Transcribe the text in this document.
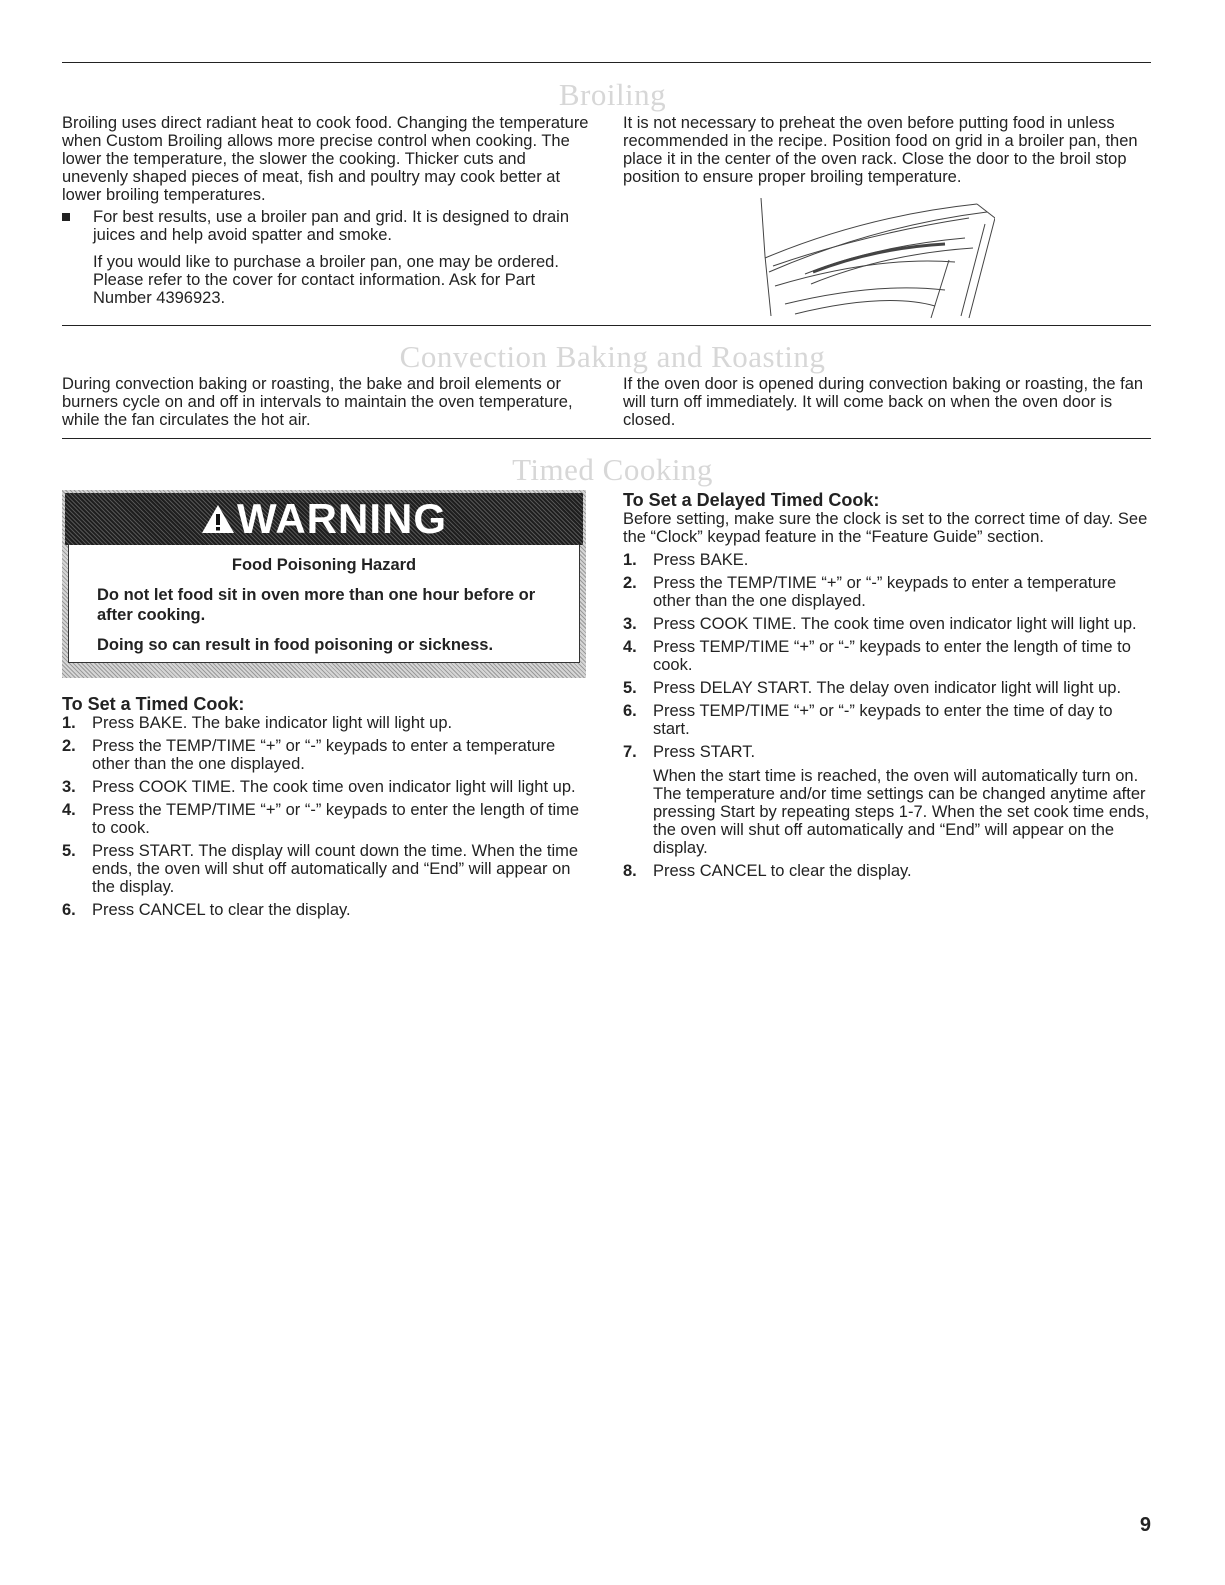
Broiling

Broiling uses direct radiant heat to cook food. Changing the temperature when Custom Broiling allows more precise control when cooking. The lower the temperature, the slower the cooking. Thicker cuts and unevenly shaped pieces of meat, fish and poultry may cook better at lower broiling temperatures.

For best results, use a broiler pan and grid. It is designed to drain juices and help avoid spatter and smoke.

If you would like to purchase a broiler pan, one may be ordered. Please refer to the cover for contact information. Ask for Part Number 4396923.

It is not necessary to preheat the oven before putting food in unless recommended in the recipe. Position food on grid in a broiler pan, then place it in the center of the oven rack. Close the door to the broil stop position to ensure proper broiling temperature.

Convection Baking and Roasting

During convection baking or roasting, the bake and broil elements or burners cycle on and off in intervals to maintain the oven temperature, while the fan circulates the hot air.

If the oven door is opened during convection baking or roasting, the fan will turn off immediately. It will come back on when the oven door is closed.

Timed Cooking
WARNING
Food Poisoning Hazard

Do not let food sit in oven more than one hour before or after cooking.

Doing so can result in food poisoning or sickness.

To Set a Timed Cook:

1. Press BAKE. The bake indicator light will light up.
2. Press the TEMP/TIME “+” or “-” keypads to enter a temperature other than the one displayed.
3. Press COOK TIME. The cook time oven indicator light will light up.
4. Press the TEMP/TIME “+” or “-” keypads to enter the length of time to cook.
5. Press START. The display will count down the time. When the time ends, the oven will shut off automatically and “End” will appear on the display.
6. Press CANCEL to clear the display.

To Set a Delayed Timed Cook:

Before setting, make sure the clock is set to the correct time of day. See the “Clock” keypad feature in the “Feature Guide” section.

1. Press BAKE.
2. Press the TEMP/TIME “+” or “-” keypads to enter a temperature other than the one displayed.
3. Press COOK TIME. The cook time oven indicator light will light up.
4. Press TEMP/TIME “+” or “-” keypads to enter the length of time to cook.
5. Press DELAY START. The delay oven indicator light will light up.
6. Press TEMP/TIME “+” or “-” keypads to enter the time of day to start.
7. Press START.

When the start time is reached, the oven will automatically turn on. The temperature and/or time settings can be changed anytime after pressing Start by repeating steps 1-7. When the set cook time ends, the oven will shut off automatically and “End” will appear on the display.

8. Press CANCEL to clear the display.
9
